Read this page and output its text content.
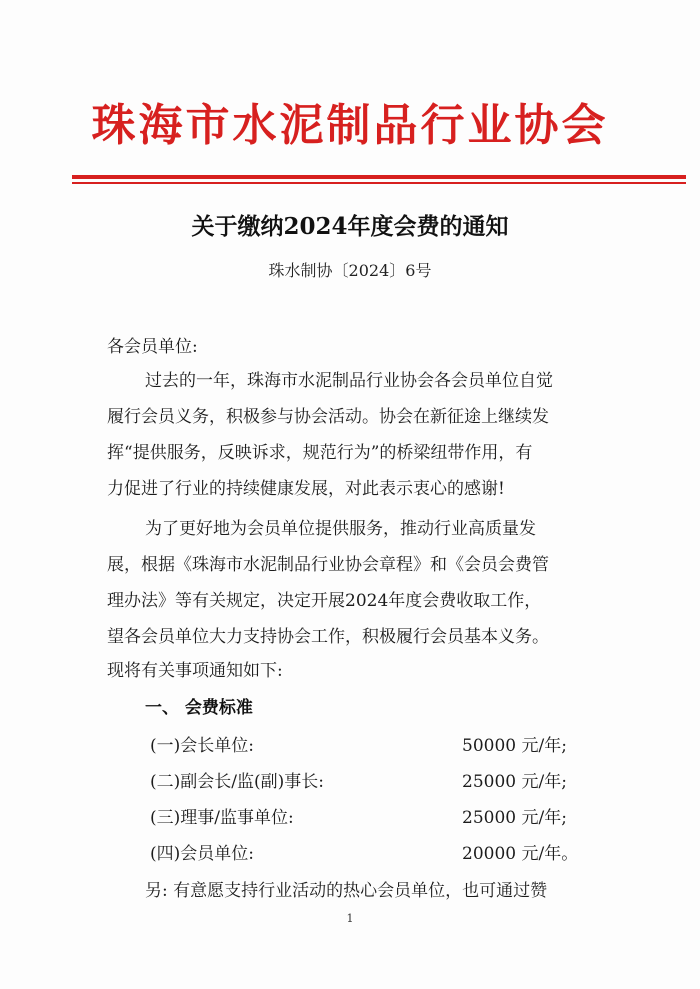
珠海市水泥制品行业协会
关于缴纳2024年度会费的通知
珠水制协〔2024〕6号
各会员单位:
过去的一年，珠海市水泥制品行业协会各会员单位自觉
履行会员义务，积极参与协会活动。协会在新征途上继续发
挥“提供服务，反映诉求，规范行为”的桥梁纽带作用，有
力促进了行业的持续健康发展，对此表示衷心的感谢!
为了更好地为会员单位提供服务，推动行业高质量发
展，根据《珠海市水泥制品行业协会章程》和《会员会费管
理办法》等有关规定，决定开展2024年度会费收取工作，
望各会员单位大力支持协会工作，积极履行会员基本义务。
现将有关事项通知如下:
一、 会费标准
(一)会长单位:	50000 元/年;
(二)副会长/监(副)事长:	25000 元/年;
(三)理事/监事单位:	25000 元/年;
(四)会员单位:	20000 元/年。
另: 有意愿支持行业活动的热心会员单位，也可通过赞
1
